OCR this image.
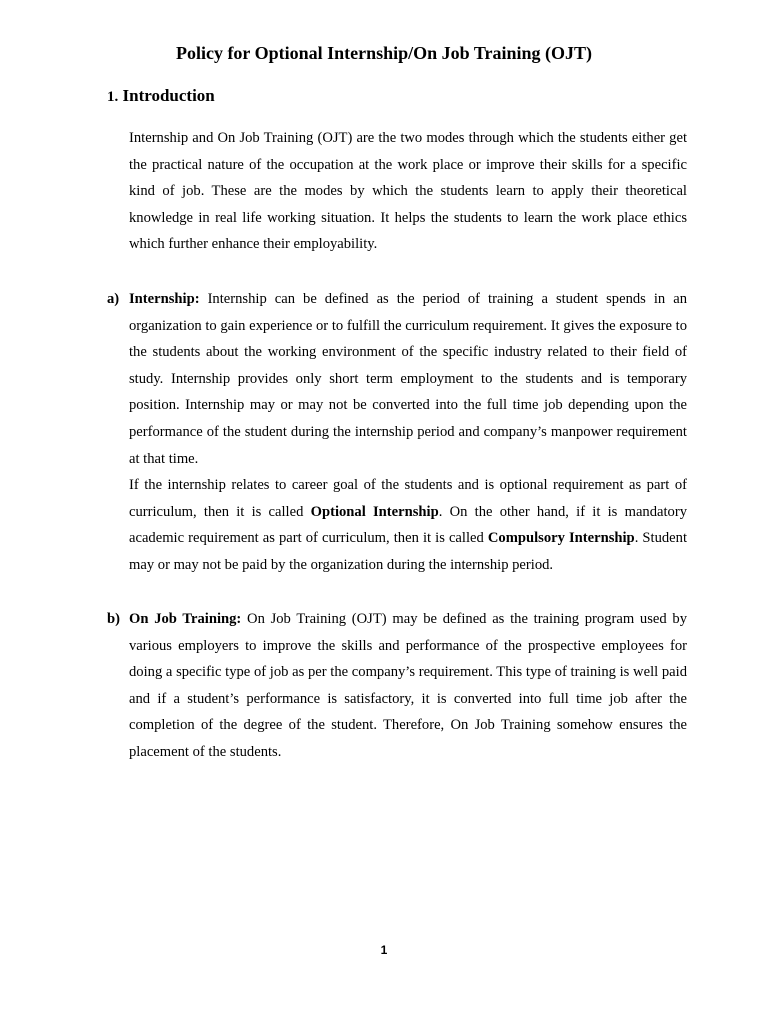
Policy for Optional Internship/On Job Training (OJT)
1. Introduction

Internship and On Job Training (OJT) are the two modes through which the students either get the practical nature of the occupation at the work place or improve their skills for a specific kind of job. These are the modes by which the students learn to apply their theoretical knowledge in real life working situation. It helps the students to learn the work place ethics which further enhance their employability.

a) Internship: Internship can be defined as the period of training a student spends in an organization to gain experience or to fulfill the curriculum requirement. It gives the exposure to the students about the working environment of the specific industry related to their field of study. Internship provides only short term employment to the students and is temporary position. Internship may or may not be converted into the full time job depending upon the performance of the student during the internship period and company’s manpower requirement at that time.

If the internship relates to career goal of the students and is optional requirement as part of curriculum, then it is called Optional Internship. On the other hand, if it is mandatory academic requirement as part of curriculum, then it is called Compulsory Internship. Student may or may not be paid by the organization during the internship period.

b) On Job Training: On Job Training (OJT) may be defined as the training program used by various employers to improve the skills and performance of the prospective employees for doing a specific type of job as per the company’s requirement. This type of training is well paid and if a student’s performance is satisfactory, it is converted into full time job after the completion of the degree of the student. Therefore, On Job Training somehow ensures the placement of the students.

1
